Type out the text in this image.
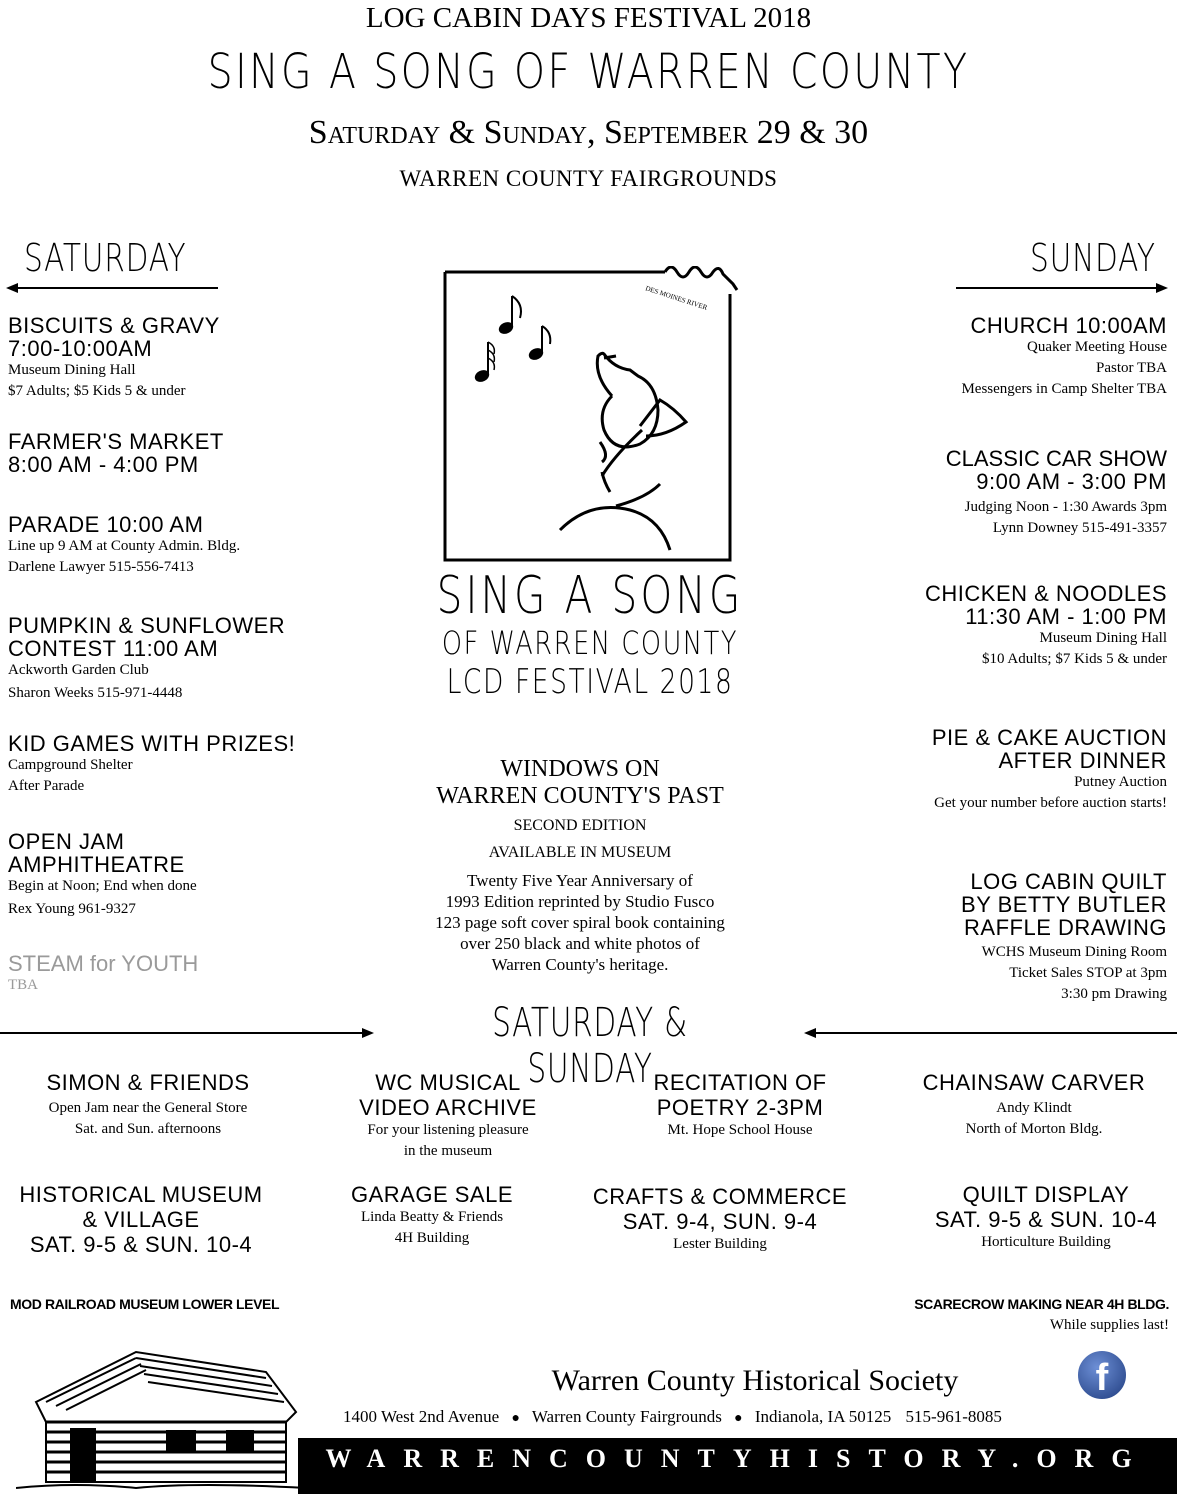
LOG CABIN DAYS FESTIVAL 2018
SING A SONG OF WARREN COUNTY
Saturday & Sunday, September 29 & 30
WARREN COUNTY FAIRGROUNDS
SATURDAY
BISCUITS & GRAVY
7:00-10:00AM
Museum Dining Hall
$7 Adults; $5 Kids 5 & under
FARMER'S MARKET
8:00 AM - 4:00 PM
PARADE 10:00 AM
Line up 9 AM at County Admin. Bldg.
Darlene Lawyer 515-556-7413
PUMPKIN & SUNFLOWER
CONTEST 11:00 AM
Ackworth Garden Club
Sharon Weeks 515-971-4448
KID GAMES WITH PRIZES!
Campground Shelter
After Parade
OPEN JAM
AMPHITHEATRE
Begin at Noon; End when done
Rex Young 961-9327
STEAM for YOUTH
TBA
SUNDAY
CHURCH 10:00AM
Quaker Meeting House
Pastor TBA
Messengers in Camp Shelter TBA
CLASSIC CAR SHOW
9:00 AM - 3:00 PM
Judging Noon - 1:30 Awards 3pm
Lynn Downey 515-491-3357
CHICKEN & NOODLES
11:30 AM - 1:00 PM
Museum Dining Hall
$10 Adults; $7 Kids 5 & under
PIE & CAKE AUCTION
AFTER DINNER
Putney Auction
Get your number before auction starts!
LOG CABIN QUILT
BY BETTY BUTLER
RAFFLE DRAWING
WCHS Museum Dining Room
Ticket Sales STOP at 3pm
3:30 pm Drawing
DES MOINES RIVER
SING A SONG
OF WARREN COUNTY
LCD FESTIVAL 2018
WINDOWS ON
WARREN COUNTY'S PAST
SECOND EDITION
AVAILABLE IN MUSEUM
Twenty Five Year Anniversary of
1993 Edition reprinted by Studio Fusco
123 page soft cover spiral book containing
over 250 black and white photos of
Warren County's heritage.
SATURDAY & SUNDAY
SIMON & FRIENDS
Open Jam near the General Store
Sat. and Sun. afternoons
WC MUSICAL
VIDEO ARCHIVE
For your listening pleasure
in the museum
RECITATION OF
POETRY 2-3PM
Mt. Hope School House
CHAINSAW CARVER
Andy Klindt
North of Morton Bldg.
HISTORICAL MUSEUM
& VILLAGE
SAT. 9-5 & SUN. 10-4
GARAGE SALE
Linda Beatty & Friends
4H Building
CRAFTS & COMMERCE
SAT. 9-4, SUN. 9-4
Lester Building
QUILT DISPLAY
SAT. 9-5 & SUN. 10-4
Horticulture Building
MOD RAILROAD MUSEUM LOWER LEVEL	SCARECROW MAKING NEAR 4H BLDG.
While supplies last!
Warren County Historical Society	f
1400 West 2nd Avenue ● Warren County Fairgrounds ● Indianola, IA 50125 515-961-8085
WARRENCOUNTYHISTORY.ORG
